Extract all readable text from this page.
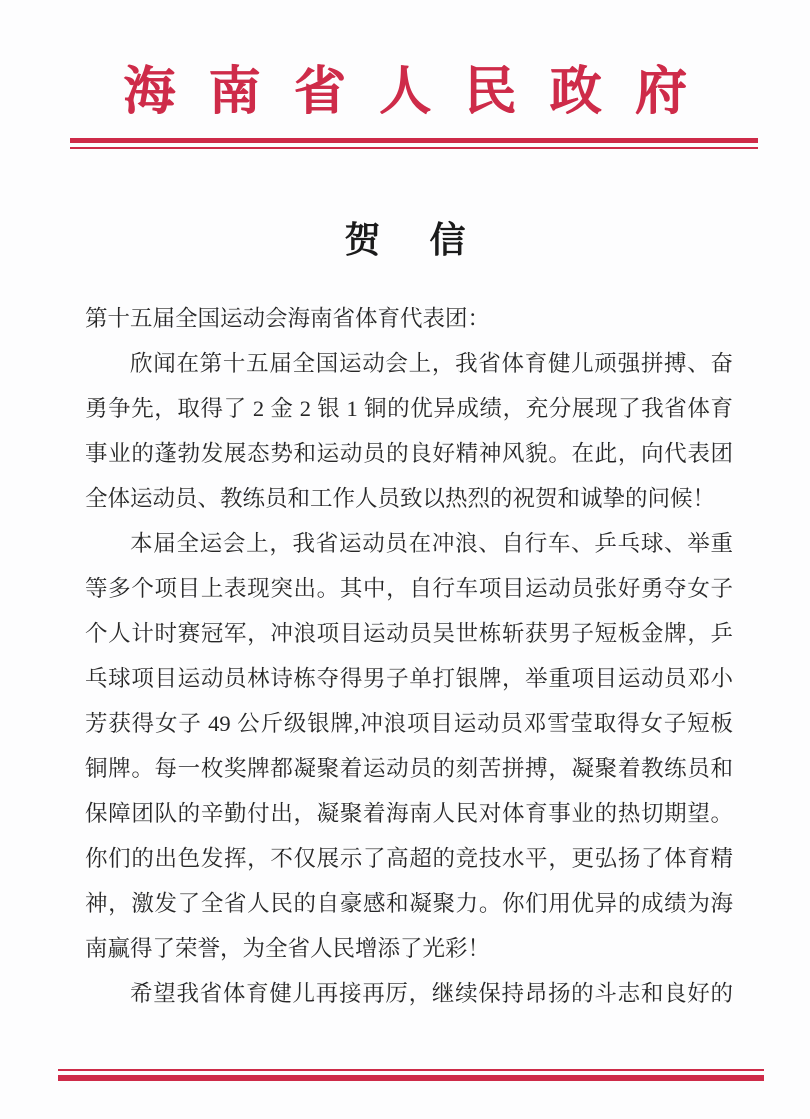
海南省人民政府
贺　信
第十五届全国运动会海南省体育代表团：
欣闻在第十五届全国运动会上，我省体育健儿顽强拼搏、奋
勇争先，取得了 2 金 2 银 1 铜的优异成绩，充分展现了我省体育
事业的蓬勃发展态势和运动员的良好精神风貌。在此，向代表团
全体运动员、教练员和工作人员致以热烈的祝贺和诚挚的问候！
本届全运会上，我省运动员在冲浪、自行车、乒乓球、举重
等多个项目上表现突出。其中，自行车项目运动员张好勇夺女子
个人计时赛冠军，冲浪项目运动员吴世栋斩获男子短板金牌，乒
乓球项目运动员林诗栋夺得男子单打银牌，举重项目运动员邓小
芳获得女子 49 公斤级银牌,冲浪项目运动员邓雪莹取得女子短板
铜牌。每一枚奖牌都凝聚着运动员的刻苦拼搏，凝聚着教练员和
保障团队的辛勤付出，凝聚着海南人民对体育事业的热切期望。
你们的出色发挥，不仅展示了高超的竞技水平，更弘扬了体育精
神，激发了全省人民的自豪感和凝聚力。你们用优异的成绩为海
南赢得了荣誉，为全省人民增添了光彩！
希望我省体育健儿再接再厉，继续保持昂扬的斗志和良好的
